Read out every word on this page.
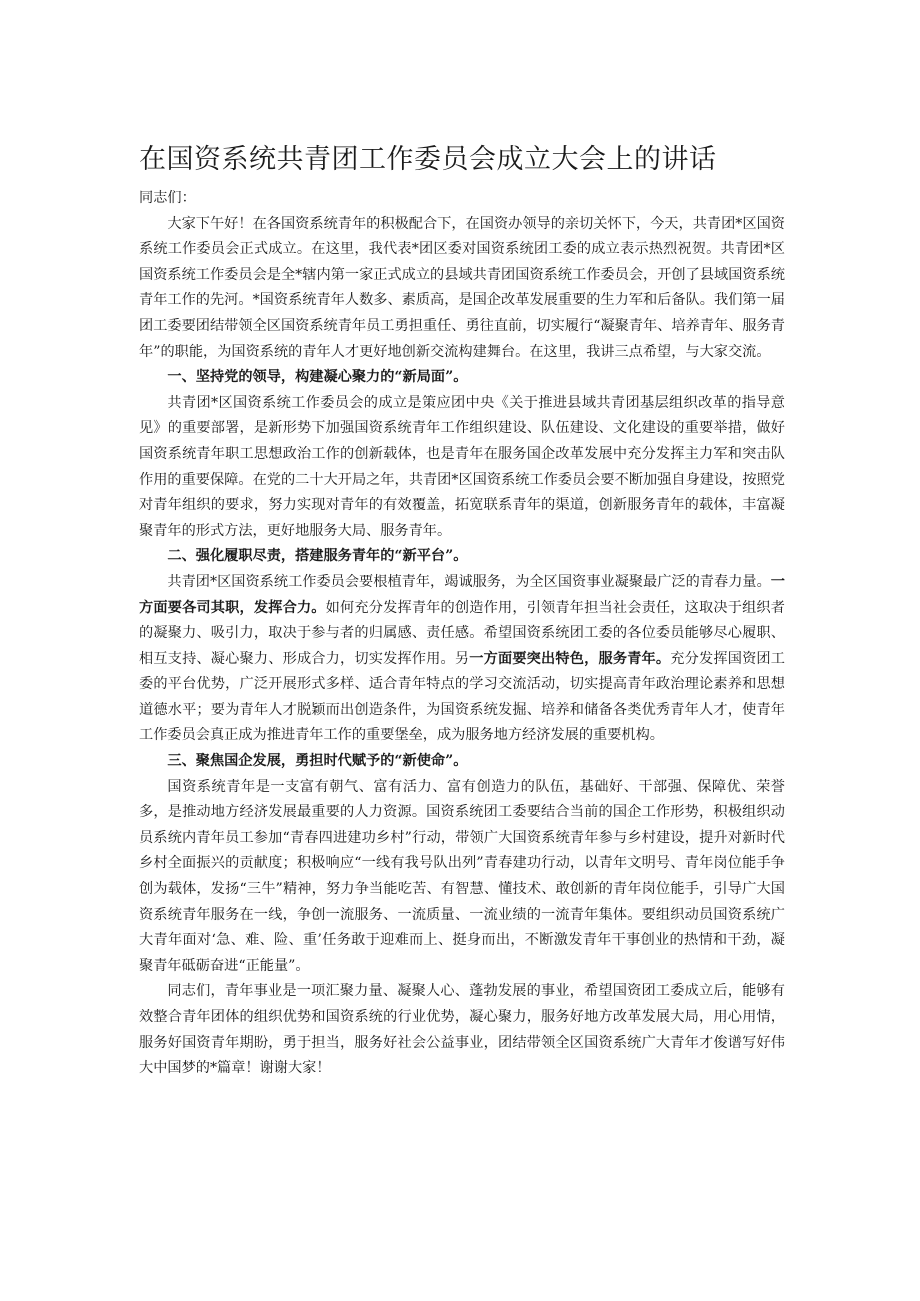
在国资系统共青团工作委员会成立大会上的讲话

同志们：

大家下午好！在各国资系统青年的积极配合下，在国资办领导的亲切关怀下，今天，共青团*区国资系统工作委员会正式成立。在这里，我代表*团区委对国资系统团工委的成立表示热烈祝贺。共青团*区国资系统工作委员会是全*辖内第一家正式成立的县域共青团国资系统工作委员会，开创了县域国资系统青年工作的先河。*国资系统青年人数多、素质高，是国企改革发展重要的生力军和后备队。我们第一届团工委要团结带领全区国资系统青年员工勇担重任、勇往直前，切实履行“凝聚青年、培养青年、服务青年”的职能，为国资系统的青年人才更好地创新交流构建舞台。在这里，我讲三点希望，与大家交流。

一、坚持党的领导，构建凝心聚力的“新局面”。

共青团*区国资系统工作委员会的成立是策应团中央《关于推进县域共青团基层组织改革的指导意见》的重要部署，是新形势下加强国资系统青年工作组织建设、队伍建设、文化建设的重要举措，做好国资系统青年职工思想政治工作的创新载体，也是青年在服务国企改革发展中充分发挥主力军和突击队作用的重要保障。在党的二十大开局之年，共青团*区国资系统工作委员会要不断加强自身建设，按照党对青年组织的要求，努力实现对青年的有效覆盖，拓宽联系青年的渠道，创新服务青年的载体，丰富凝聚青年的形式方法，更好地服务大局、服务青年。

二、强化履职尽责，搭建服务青年的“新平台”。

共青团*区国资系统工作委员会要根植青年，竭诚服务，为全区国资事业凝聚最广泛的青春力量。一方面要各司其职，发挥合力。如何充分发挥青年的创造作用，引领青年担当社会责任，这取决于组织者的凝聚力、吸引力，取决于参与者的归属感、责任感。希望国资系统团工委的各位委员能够尽心履职、相互支持、凝心聚力、形成合力，切实发挥作用。另一方面要突出特色，服务青年。充分发挥国资团工委的平台优势，广泛开展形式多样、适合青年特点的学习交流活动，切实提高青年政治理论素养和思想道德水平；要为青年人才脱颖而出创造条件，为国资系统发掘、培养和储备各类优秀青年人才，使青年工作委员会真正成为推进青年工作的重要堡垒，成为服务地方经济发展的重要机构。

三、聚焦国企发展，勇担时代赋予的“新使命”。

国资系统青年是一支富有朝气、富有活力、富有创造力的队伍，基础好、干部强、保障优、荣誉多，是推动地方经济发展最重要的人力资源。国资系统团工委要结合当前的国企工作形势，积极组织动员系统内青年员工参加“青春四进建功乡村”行动，带领广大国资系统青年参与乡村建设，提升对新时代乡村全面振兴的贡献度；积极响应“一线有我号队出列”青春建功行动，以青年文明号、青年岗位能手争创为载体，发扬“三牛”精神，努力争当能吃苦、有智慧、懂技术、敢创新的青年岗位能手，引导广大国资系统青年服务在一线，争创一流服务、一流质量、一流业绩的一流青年集体。要组织动员国资系统广大青年面对‘急、难、险、重’任务敢于迎难而上、挺身而出，不断激发青年干事创业的热情和干劲，凝聚青年砥砺奋进“正能量”。

同志们，青年事业是一项汇聚力量、凝聚人心、蓬勃发展的事业，希望国资团工委成立后，能够有效整合青年团体的组织优势和国资系统的行业优势，凝心聚力，服务好地方改革发展大局，用心用情，服务好国资青年期盼，勇于担当，服务好社会公益事业，团结带领全区国资系统广大青年才俊谱写好伟大中国梦的*篇章！谢谢大家！
